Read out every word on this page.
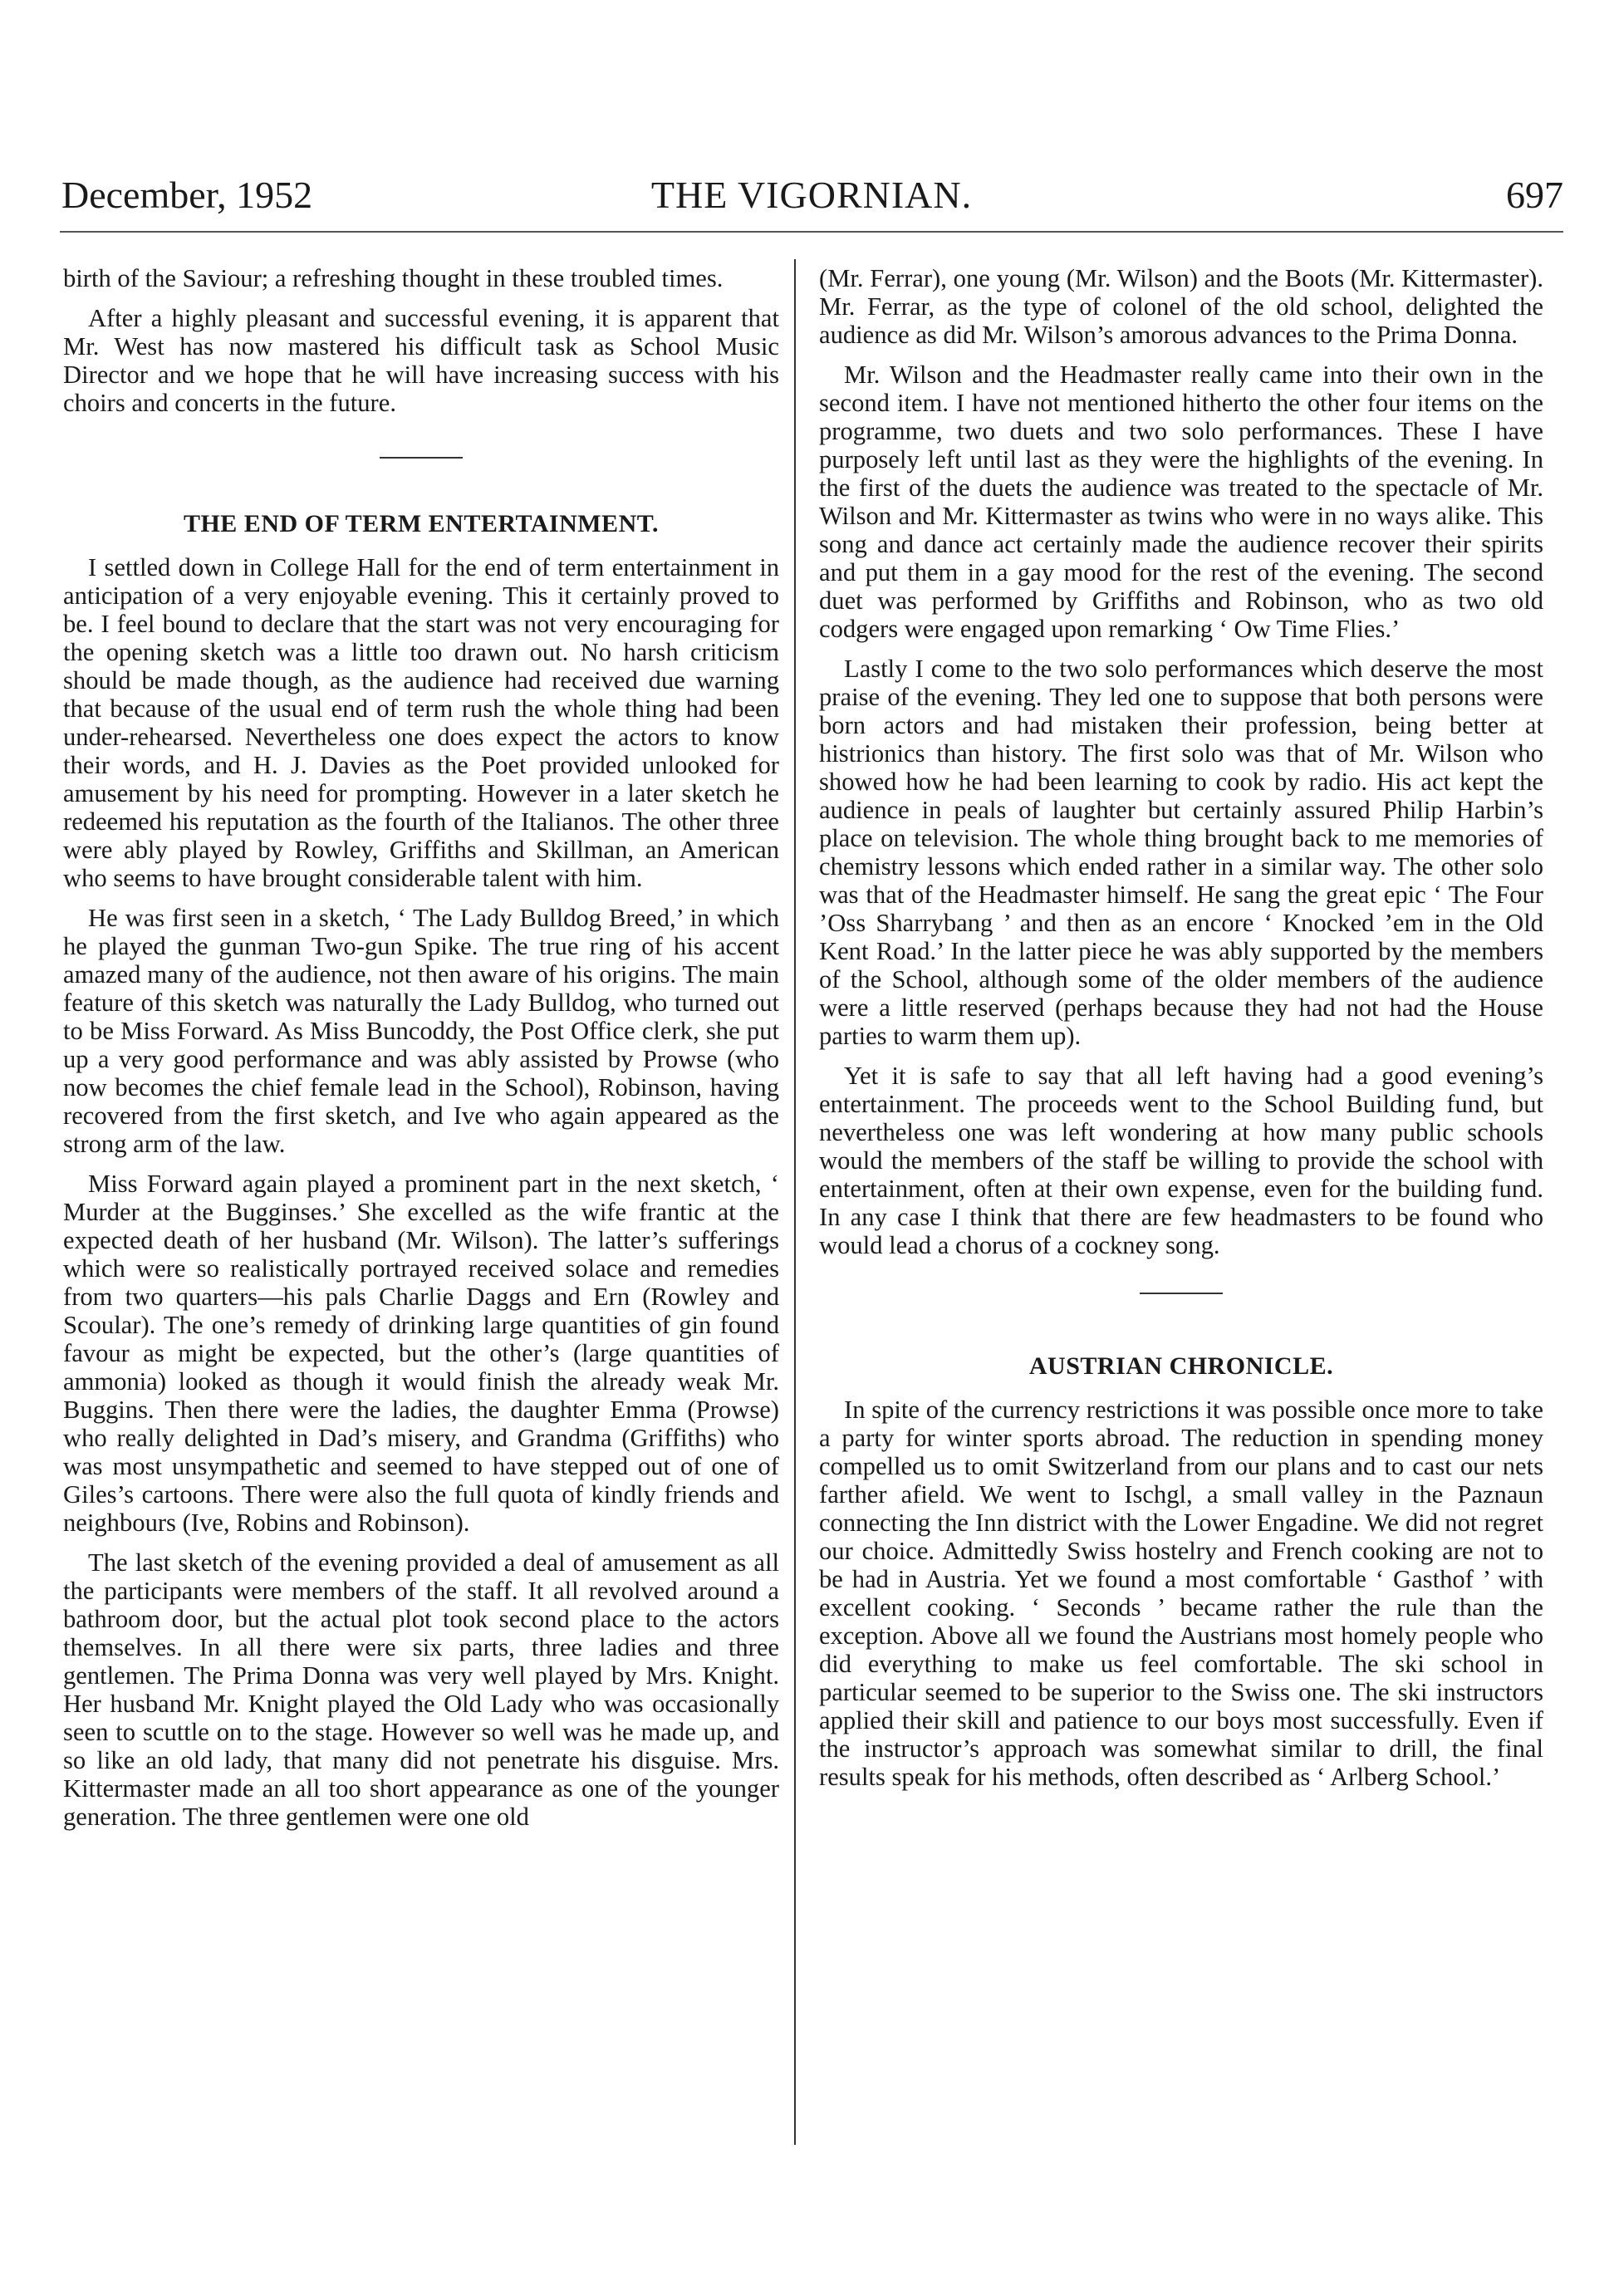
December, 1952	THE VIGORNIAN.	697

birth of the Saviour; a refreshing thought in these troubled times.

After a highly pleasant and successful evening, it is apparent that Mr. West has now mastered his difficult task as School Music Director and we hope that he will have increasing success with his choirs and concerts in the future.

THE END OF TERM ENTERTAINMENT.

I settled down in College Hall for the end of term entertainment in anticipation of a very enjoyable evening. This it certainly proved to be. I feel bound to declare that the start was not very encouraging for the opening sketch was a little too drawn out. No harsh criticism should be made though, as the audience had received due warning that because of the usual end of term rush the whole thing had been under-rehearsed. Nevertheless one does expect the actors to know their words, and H. J. Davies as the Poet provided unlooked for amusement by his need for prompting. However in a later sketch he redeemed his reputation as the fourth of the Italianos. The other three were ably played by Rowley, Griffiths and Skillman, an American who seems to have brought considerable talent with him.

He was first seen in a sketch, ‘ The Lady Bulldog Breed,’ in which he played the gunman Two-gun Spike. The true ring of his accent amazed many of the audience, not then aware of his origins. The main feature of this sketch was naturally the Lady Bulldog, who turned out to be Miss Forward. As Miss Buncoddy, the Post Office clerk, she put up a very good performance and was ably assisted by Prowse (who now becomes the chief female lead in the School), Robinson, having recovered from the first sketch, and Ive who again appeared as the strong arm of the law.

Miss Forward again played a prominent part in the next sketch, ‘ Murder at the Bugginses.’ She excelled as the wife frantic at the expected death of her husband (Mr. Wilson). The latter’s sufferings which were so realistically portrayed received solace and remedies from two quarters—his pals Charlie Daggs and Ern (Rowley and Scoular). The one’s remedy of drinking large quantities of gin found favour as might be expected, but the other’s (large quantities of ammonia) looked as though it would finish the already weak Mr. Buggins. Then there were the ladies, the daughter Emma (Prowse) who really delighted in Dad’s misery, and Grandma (Griffiths) who was most unsympathetic and seemed to have stepped out of one of Giles’s cartoons. There were also the full quota of kindly friends and neighbours (Ive, Robins and Robinson).

The last sketch of the evening provided a deal of amusement as all the participants were members of the staff. It all revolved around a bathroom door, but the actual plot took second place to the actors themselves. In all there were six parts, three ladies and three gentlemen. The Prima Donna was very well played by Mrs. Knight. Her husband Mr. Knight played the Old Lady who was occasionally seen to scuttle on to the stage. However so well was he made up, and so like an old lady, that many did not penetrate his disguise. Mrs. Kittermaster made an all too short appearance as one of the younger generation. The three gentlemen were one old

(Mr. Ferrar), one young (Mr. Wilson) and the Boots (Mr. Kittermaster). Mr. Ferrar, as the type of colonel of the old school, delighted the audience as did Mr. Wilson’s amorous advances to the Prima Donna.

Mr. Wilson and the Headmaster really came into their own in the second item. I have not mentioned hitherto the other four items on the programme, two duets and two solo performances. These I have purposely left until last as they were the highlights of the evening. In the first of the duets the audience was treated to the spectacle of Mr. Wilson and Mr. Kittermaster as twins who were in no ways alike. This song and dance act certainly made the audience recover their spirits and put them in a gay mood for the rest of the evening. The second duet was performed by Griffiths and Robinson, who as two old codgers were engaged upon remarking ‘ Ow Time Flies.’

Lastly I come to the two solo performances which deserve the most praise of the evening. They led one to suppose that both persons were born actors and had mistaken their profession, being better at histrionics than history. The first solo was that of Mr. Wilson who showed how he had been learning to cook by radio. His act kept the audience in peals of laughter but certainly assured Philip Harbin’s place on television. The whole thing brought back to me memories of chemistry lessons which ended rather in a similar way. The other solo was that of the Headmaster himself. He sang the great epic ‘ The Four ’Oss Sharrybang ’ and then as an encore ‘ Knocked ’em in the Old Kent Road.’ In the latter piece he was ably supported by the members of the School, although some of the older members of the audience were a little reserved (perhaps because they had not had the House parties to warm them up).

Yet it is safe to say that all left having had a good evening’s entertainment. The proceeds went to the School Building fund, but nevertheless one was left wondering at how many public schools would the members of the staff be willing to provide the school with entertainment, often at their own expense, even for the building fund. In any case I think that there are few headmasters to be found who would lead a chorus of a cockney song.

AUSTRIAN CHRONICLE.

In spite of the currency restrictions it was possible once more to take a party for winter sports abroad. The reduction in spending money compelled us to omit Switzerland from our plans and to cast our nets farther afield. We went to Ischgl, a small valley in the Paznaun connecting the Inn district with the Lower Engadine. We did not regret our choice. Admittedly Swiss hostelry and French cooking are not to be had in Austria. Yet we found a most comfortable ‘ Gasthof ’ with excellent cooking. ‘ Seconds ’ became rather the rule than the exception. Above all we found the Austrians most homely people who did everything to make us feel comfortable. The ski school in particular seemed to be superior to the Swiss one. The ski instructors applied their skill and patience to our boys most successfully. Even if the instructor’s approach was somewhat similar to drill, the final results speak for his methods, often described as ‘ Arlberg School.’
